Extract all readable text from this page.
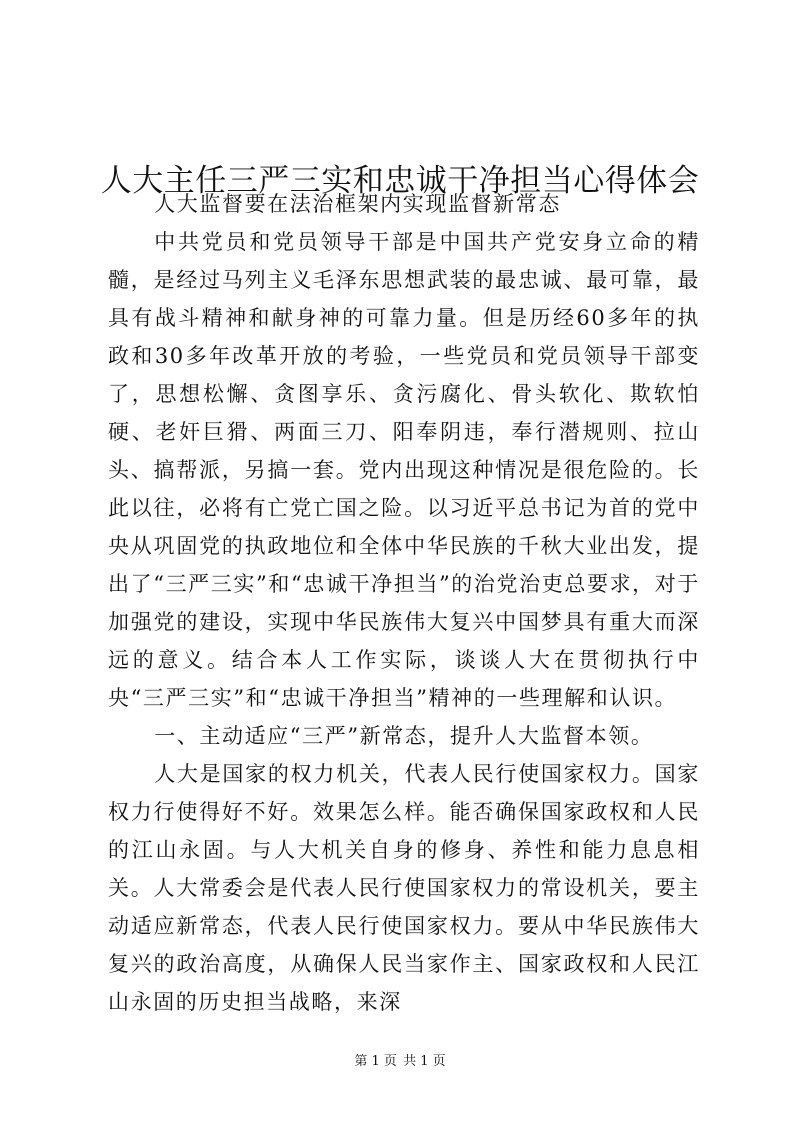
人大主任三严三实和忠诚干净担当心得体会

人大监督要在法治框架内实现监督新常态

中共党员和党员领导干部是中国共产党安身立命的精髓，是经过马列主义毛泽东思想武装的最忠诚、最可靠，最具有战斗精神和献身神的可靠力量。但是历经60多年的执政和30多年改革开放的考验，一些党员和党员领导干部变了，思想松懈、贪图享乐、贪污腐化、骨头软化、欺软怕硬、老奸巨猾、两面三刀、阳奉阴违，奉行潜规则、拉山头、搞帮派，另搞一套。党内出现这种情况是很危险的。长此以往，必将有亡党亡国之险。以习近平总书记为首的党中央从巩固党的执政地位和全体中华民族的千秋大业出发，提出了“三严三实”和“忠诚干净担当”的治党治吏总要求，对于加强党的建设，实现中华民族伟大复兴中国梦具有重大而深远的意义。结合本人工作实际，谈谈人大在贯彻执行中央“三严三实”和“忠诚干净担当”精神的一些理解和认识。

一、主动适应“三严”新常态，提升人大监督本领。

人大是国家的权力机关，代表人民行使国家权力。国家权力行使得好不好。效果怎么样。能否确保国家政权和人民的江山永固。与人大机关自身的修身、养性和能力息息相关。人大常委会是代表人民行使国家权力的常设机关，要主动适应新常态，代表人民行使国家权力。要从中华民族伟大复兴的政治高度，从确保人民当家作主、国家政权和人民江山永固的历史担当战略，来深

第 1 页 共 1 页
